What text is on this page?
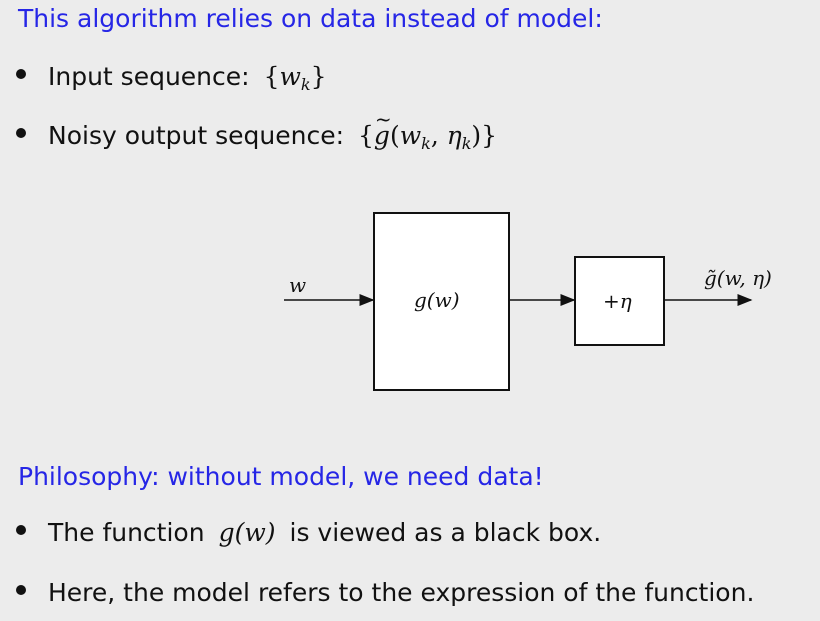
This algorithm relies on data instead of model:
Input sequence: $\{w_k\}$
Noisy output sequence: {~ $g(w_k$, $\eta_k$)}
w
g(w)	+η
g̃(w, η)
Philosophy: without model, we need data!
The function g(w) is viewed as a black box.
Here, the model refers to the expression of the function.
